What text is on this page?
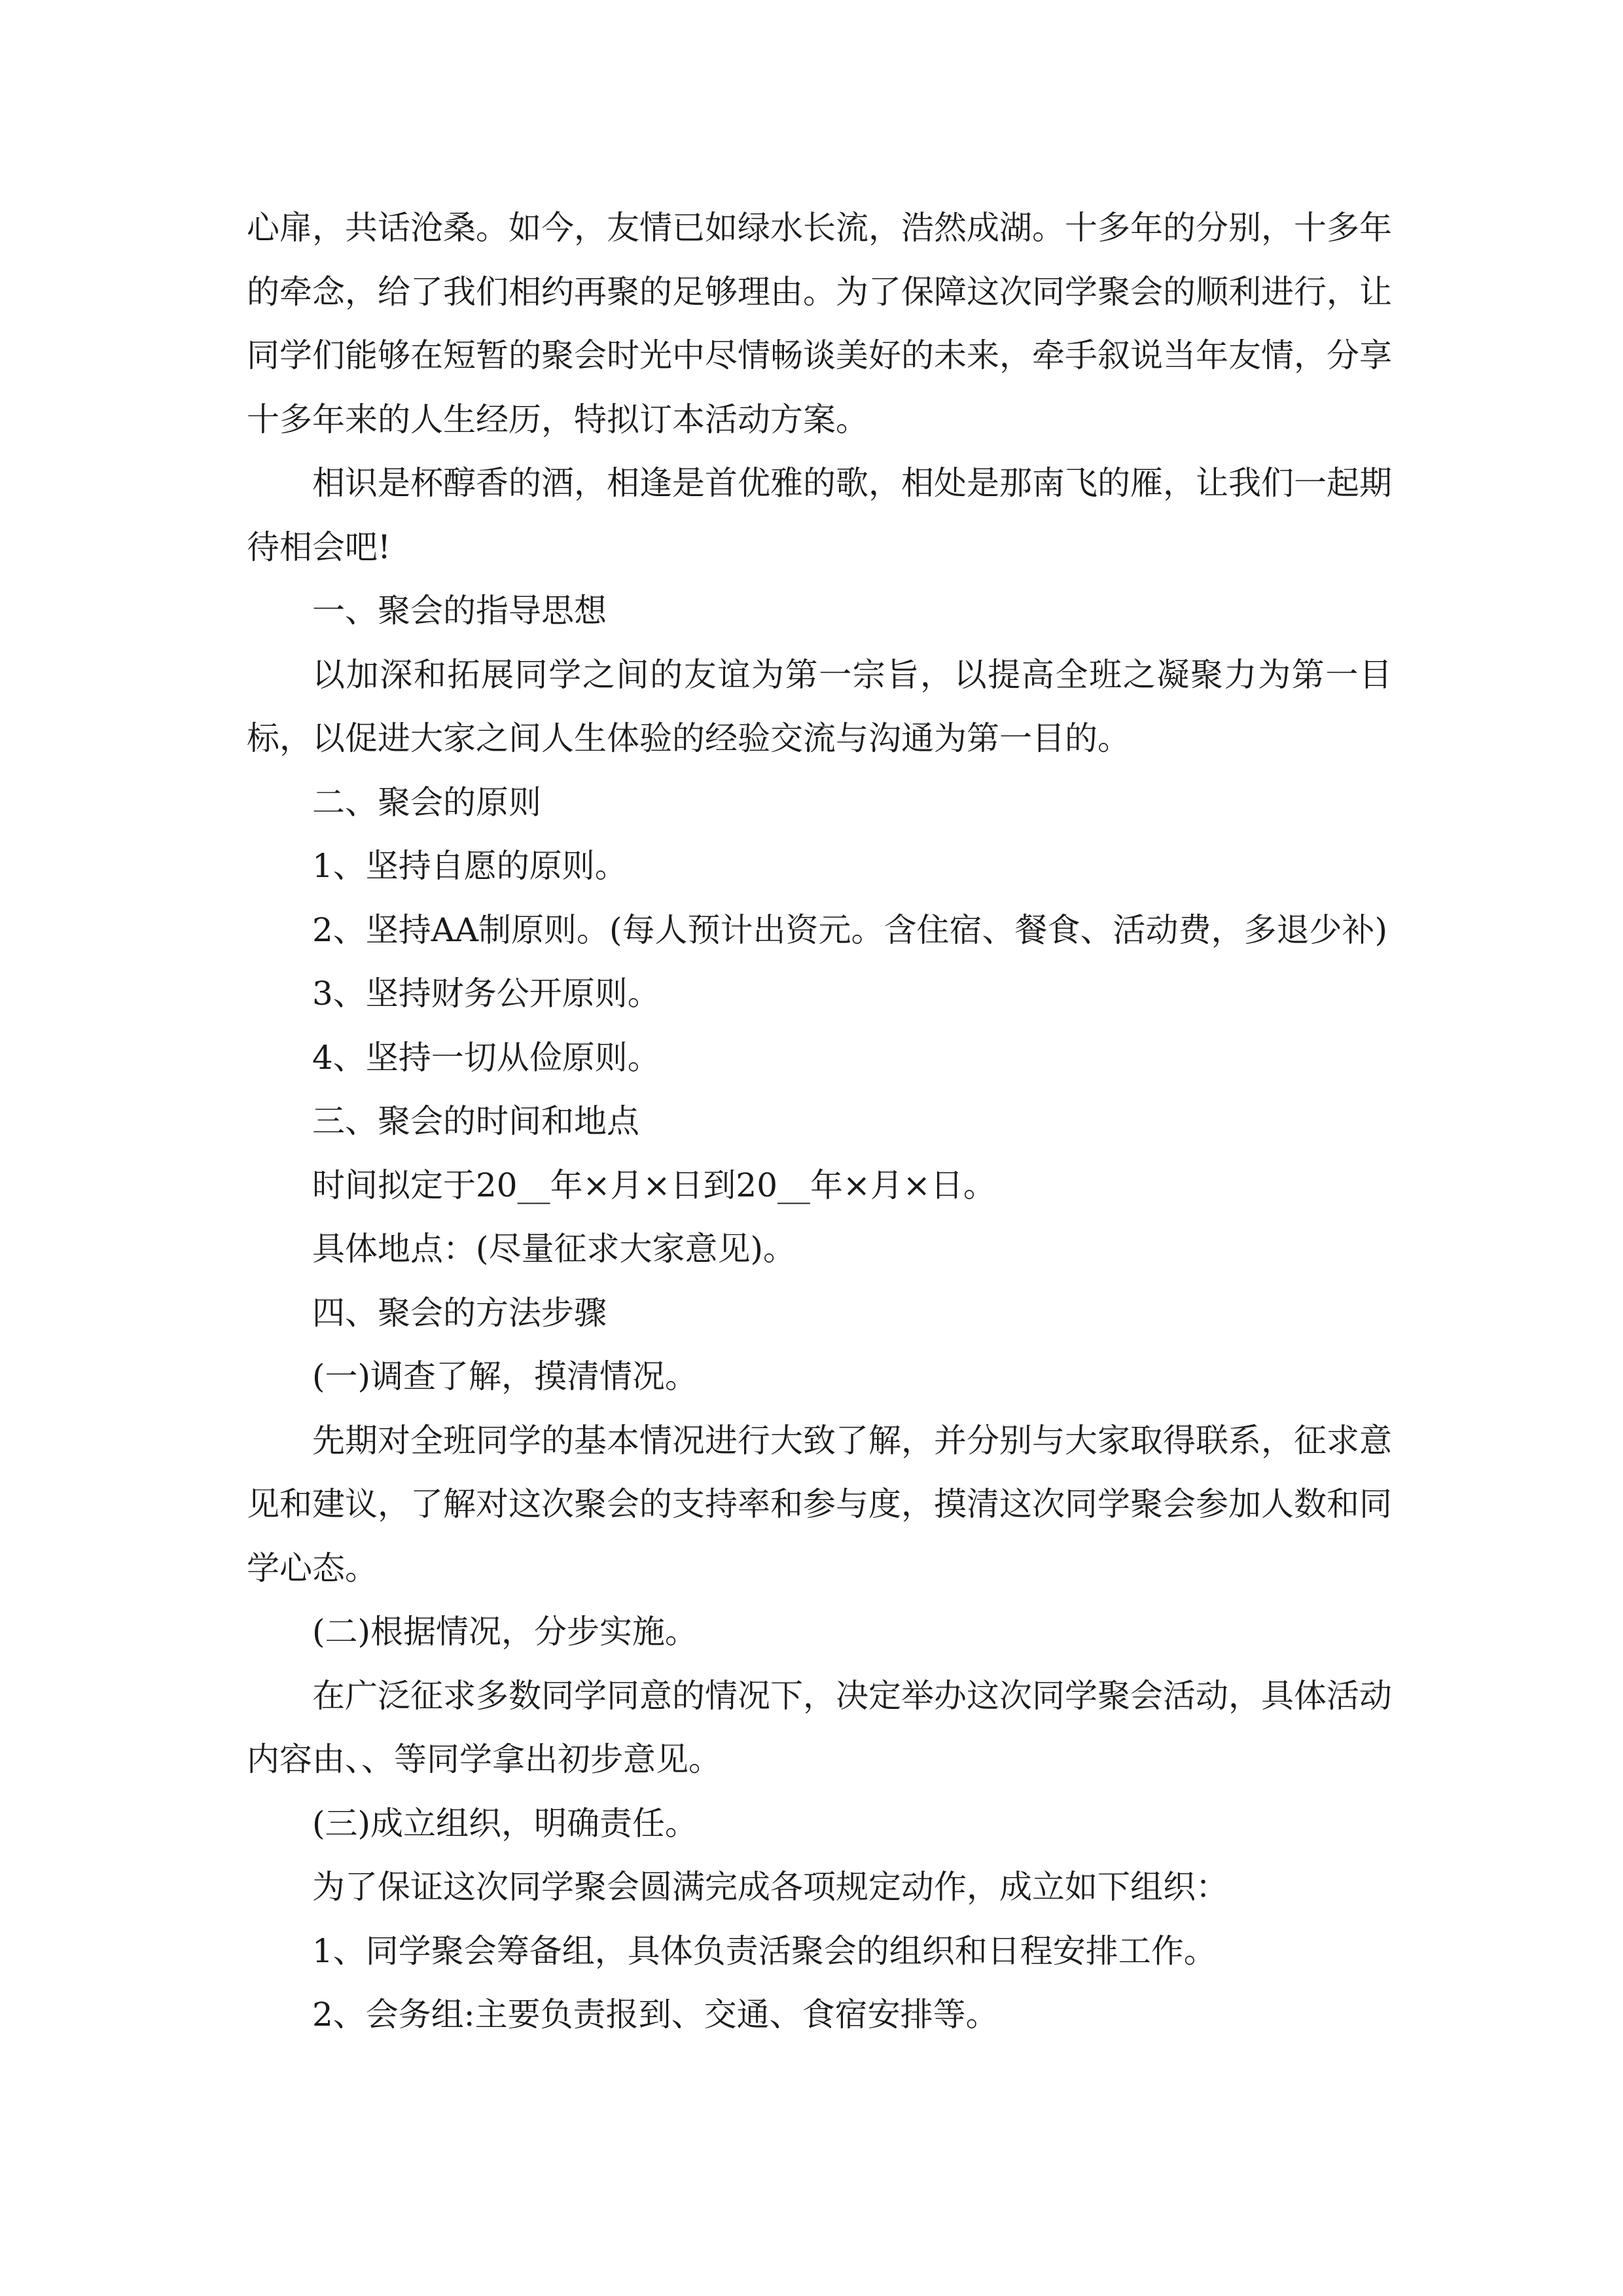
心扉，共话沧桑。如今，友情已如绿水长流，浩然成湖。十多年的分别，十多年的牵念，给了我们相约再聚的足够理由。为了保障这次同学聚会的顺利进行，让同学们能够在短暂的聚会时光中尽情畅谈美好的未来，牵手叙说当年友情，分享十多年来的人生经历，特拟订本活动方案。

相识是杯醇香的酒，相逢是首优雅的歌，相处是那南飞的雁，让我们一起期待相会吧!

一、聚会的指导思想

以加深和拓展同学之间的友谊为第一宗旨，以提高全班之凝聚力为第一目标，以促进大家之间人生体验的经验交流与沟通为第一目的。

二、聚会的原则

1、坚持自愿的原则。

2、坚持AA制原则。(每人预计出资元。含住宿、餐食、活动费，多退少补)

3、坚持财务公开原则。

4、坚持一切从俭原则。

三、聚会的时间和地点

时间拟定于20__年×月×日到20__年×月×日。

具体地点：(尽量征求大家意见)。

四、聚会的方法步骤

(一)调查了解，摸清情况。

先期对全班同学的基本情况进行大致了解，并分别与大家取得联系，征求意见和建议，了解对这次聚会的支持率和参与度，摸清这次同学聚会参加人数和同学心态。

(二)根据情况，分步实施。

在广泛征求多数同学同意的情况下，决定举办这次同学聚会活动，具体活动内容由、、等同学拿出初步意见。

(三)成立组织，明确责任。

为了保证这次同学聚会圆满完成各项规定动作，成立如下组织：

1、同学聚会筹备组，具体负责活聚会的组织和日程安排工作。

2、会务组:主要负责报到、交通、食宿安排等。
